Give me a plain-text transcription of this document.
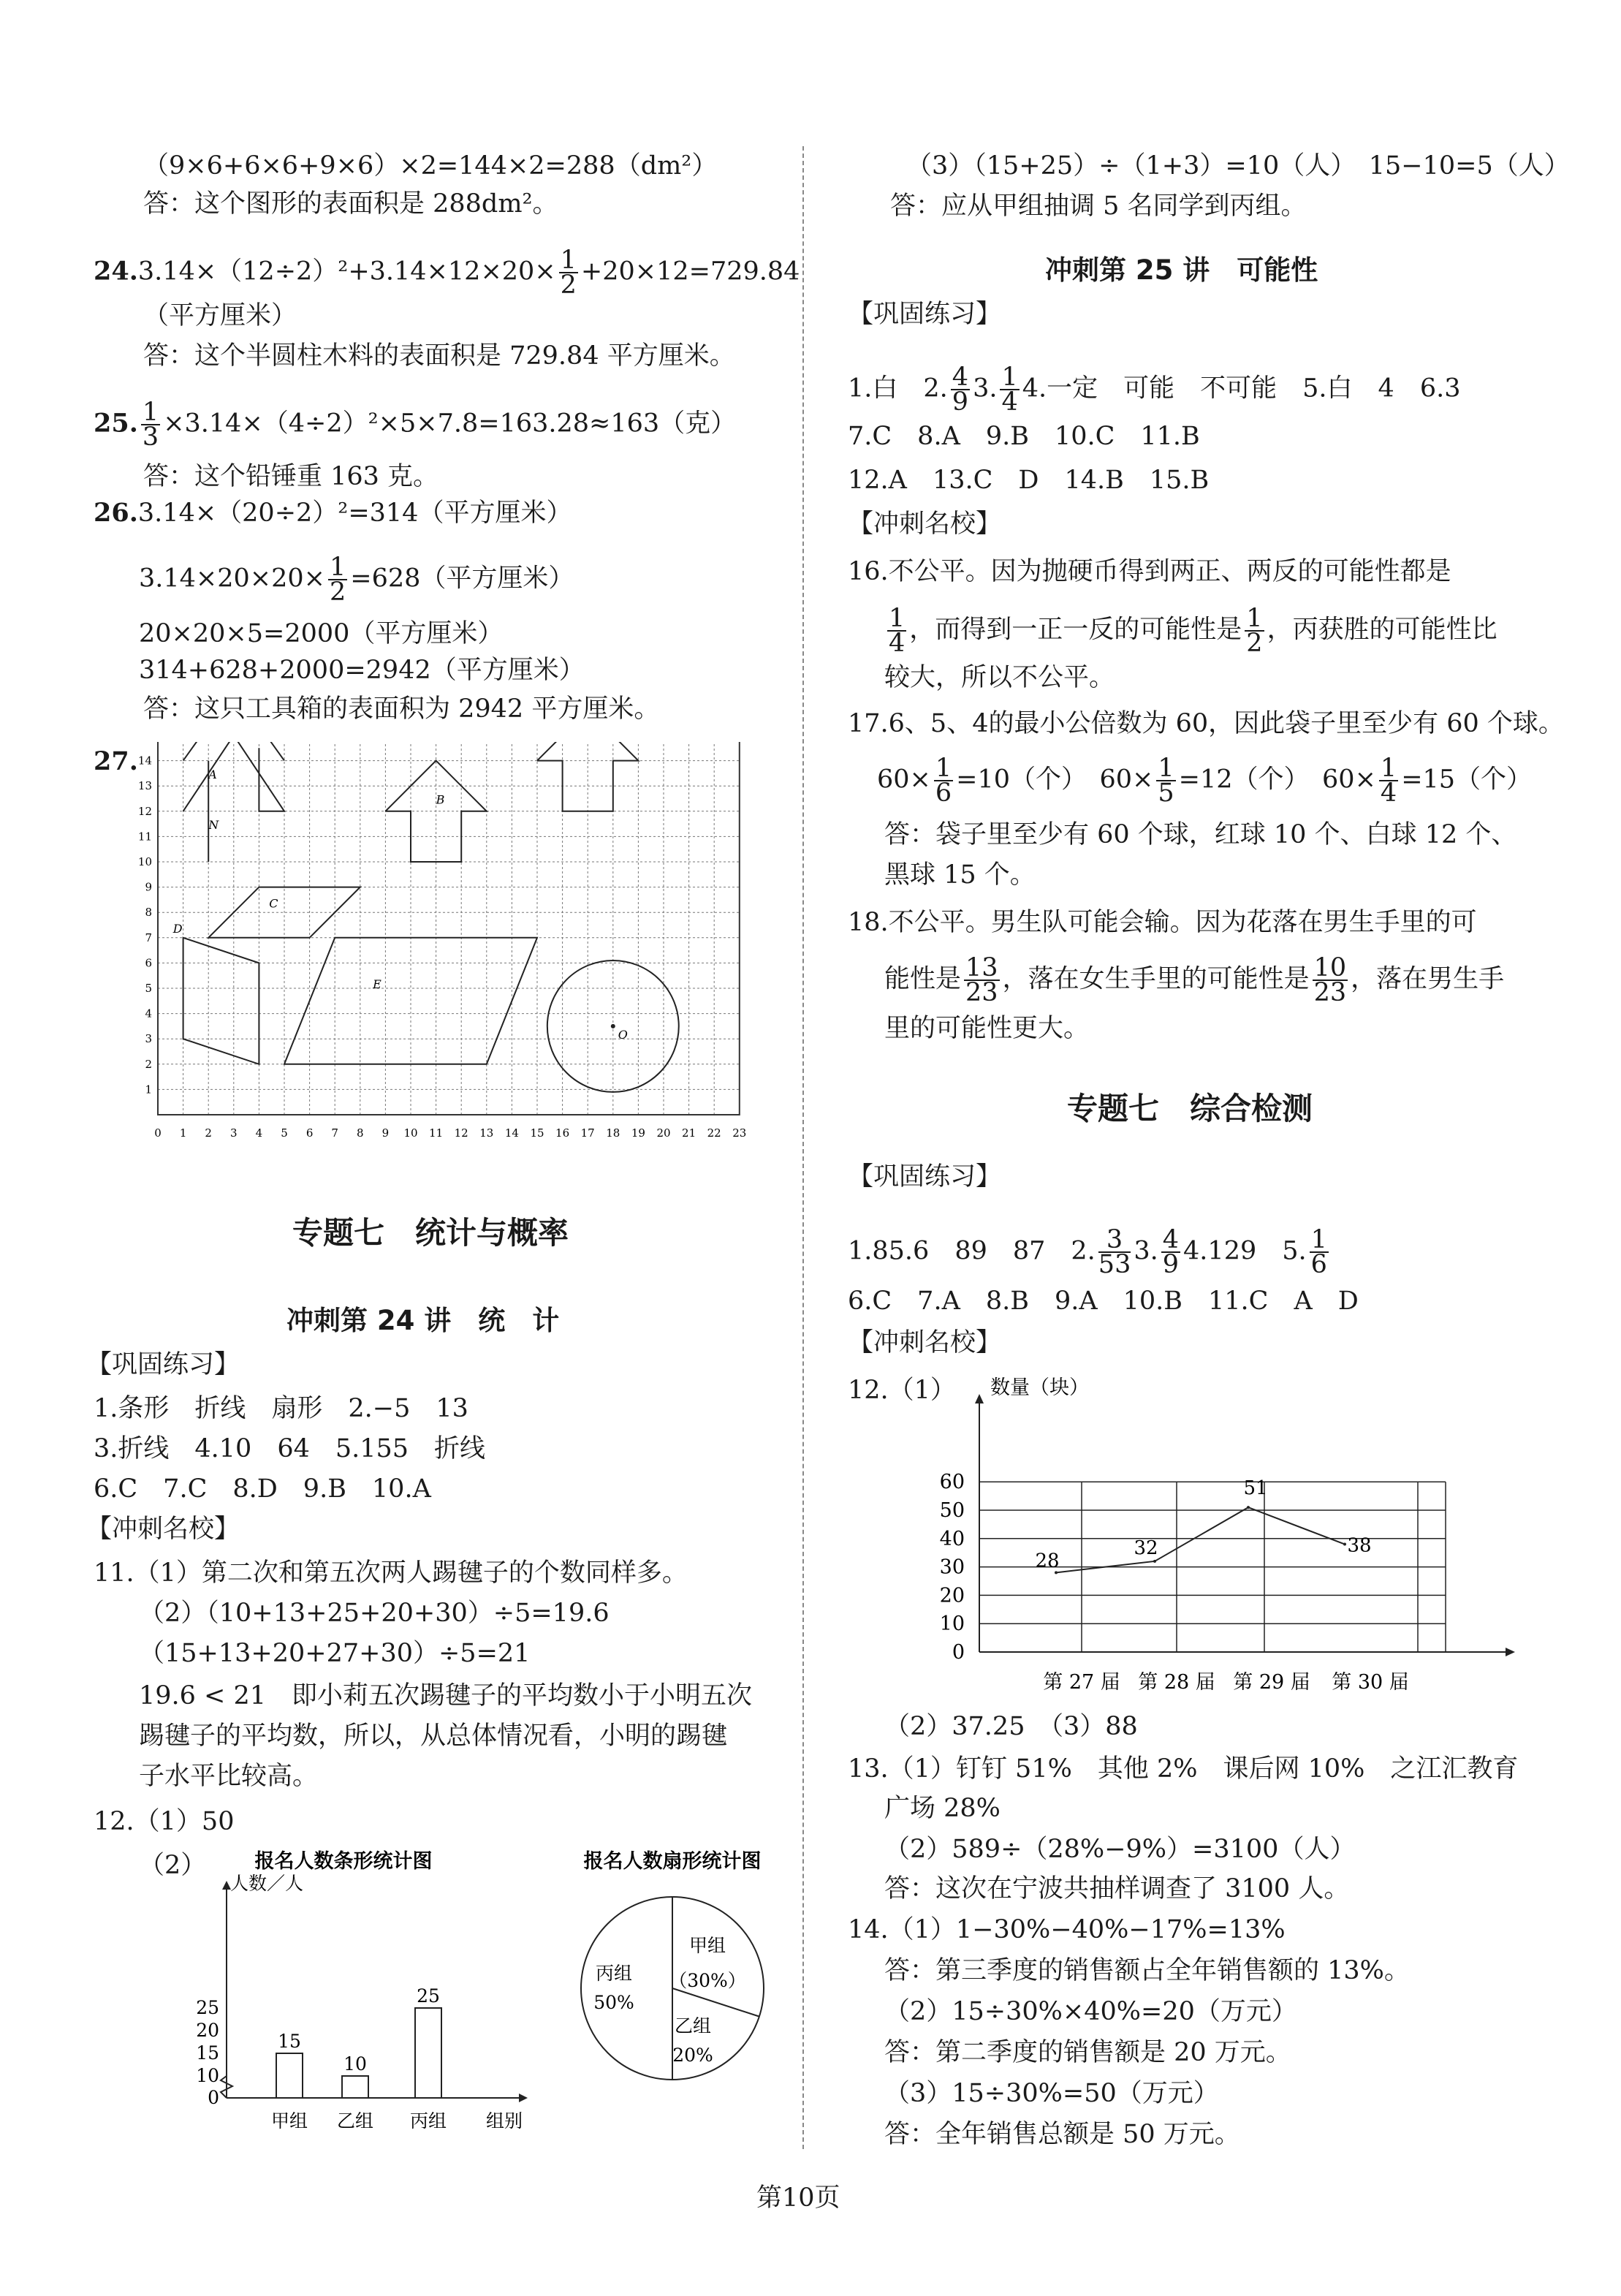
（9×6+6×6+9×6）×2=144×2=288（dm²）
答：这个图形的表面积是 288dm²。
$24.3.14\times(12\div 2)^2+3.14\times 12\times 20\times \frac{1}{2} +20\times 12=729.84$
（平方厘米）
答：这个半圆柱木料的表面积是 729.84 平方厘米。
25. $\frac{1}{3} \times 3.14\times(4\div 2)^2\times 5\times 7.8=163.28\approx 163$（克）
答：这个铅锤重 163 克。
26.3.14×（20÷2）²=314（平方厘米）
$3.14\times 20\times 20\times \frac{1}{2} =628$（平方厘米）
20×20×5=2000（平方厘米）
314+628+2000=2942（平方厘米）
答：这只工具箱的表面积为 2942 平方厘米。
27.
0 1 2 3 4 5 6 7 8 9 10 11 12 13 14 15 16 17 18 19 20 21 22 23
1
2
3
4
5
6
7
8
9
10
11
12
13
14
A
N
B
C
D
E
O
专题七　统计与概率
冲刺第 24 讲　统　计
【巩固练习】
1.条形　折线　扇形　2.−5　13
3.折线　4.10　64　5.155　折线
6.C　7.C　8.D　9.B　10.A
【冲刺名校】
11.（1）第二次和第五次两人踢毽子的个数同样多。
（2）（10+13+25+20+30）÷5=19.6
（15+13+20+27+30）÷5=21
19.6 < 21　即小莉五次踢毽子的平均数小于小明五次
踢毽子的平均数，所以，从总体情况看，小明的踢毽
子水平比较高。
12.（1）50
（2） 报名人数条形统计图
人数／人
0
10
15
20
25
15
甲组
10
乙组
25
丙组 组别
报名人数扇形统计图
甲组
（30%）
乙组
20%
丙组
50%
（3）（15+25）÷（1+3）=10（人）　15−10=5（人）
答：应从甲组抽调 5 名同学到丙组。
冲刺第 25 讲　可能性
【巩固练习】
1.白　2. $\frac{4}{9} 3$. $\frac{1}{4} 4$.一定　可能　不可能　5.白　4　6.3
7.C　8.A　9.B　10.C　11.B
12.A　13.C　D　14.B　15.B
【冲刺名校】
16.不公平。因为抛硬币得到两正、两反的可能性都是
$\frac{1}{4}$ ，而得到一正一反的可能性是 $\frac{1}{2}$ ，丙获胜的可能性比
较大，所以不公平。
17.6、5、4的最小公倍数为 60，因此袋子里至少有 60 个球。
$60\times \frac{1}{6} =10$（个）　$60\times \frac{1}{5} =12$（个）　$60\times \frac{1}{4} =15$（个）
答：袋子里至少有 60 个球，红球 10 个、白球 12 个、
黑球 15 个。
18.不公平。男生队可能会输。因为花落在男生手里的可
能性是 $\frac{13}{23}$ ，落在女生手里的可能性是 $\frac{10}{23}$ ，落在男生手
里的可能性更大。
专题七　综合检测
【巩固练习】
1.85.6　89　87　2. $\frac{3}{53} 3$. $\frac{4}{9} 4.129$　5. $\frac{1}{6}$
6.C　7.A　8.B　9.A　10.B　11.C　A　D
【冲刺名校】
12.（1） 数量（块）
0
10
20
30
40
50
60
28
32
51
38
第 27 届 第 28 届 第 29 届 第 30 届
（2）37.25　（3）88
13.（1）钉钉 51%　其他 2%　课后网 10%　之江汇教育
广场 28%
（2）589÷（28%−9%）=3100（人）
答：这次在宁波共抽样调查了 3100 人。
14.（1）1−30%−40%−17%=13%
答：第三季度的销售额占全年销售额的 13%。
（2）15÷30%×40%=20（万元）
答：第二季度的销售额是 20 万元。
（3）15÷30%=50（万元）
答：全年销售总额是 50 万元。
第10页
